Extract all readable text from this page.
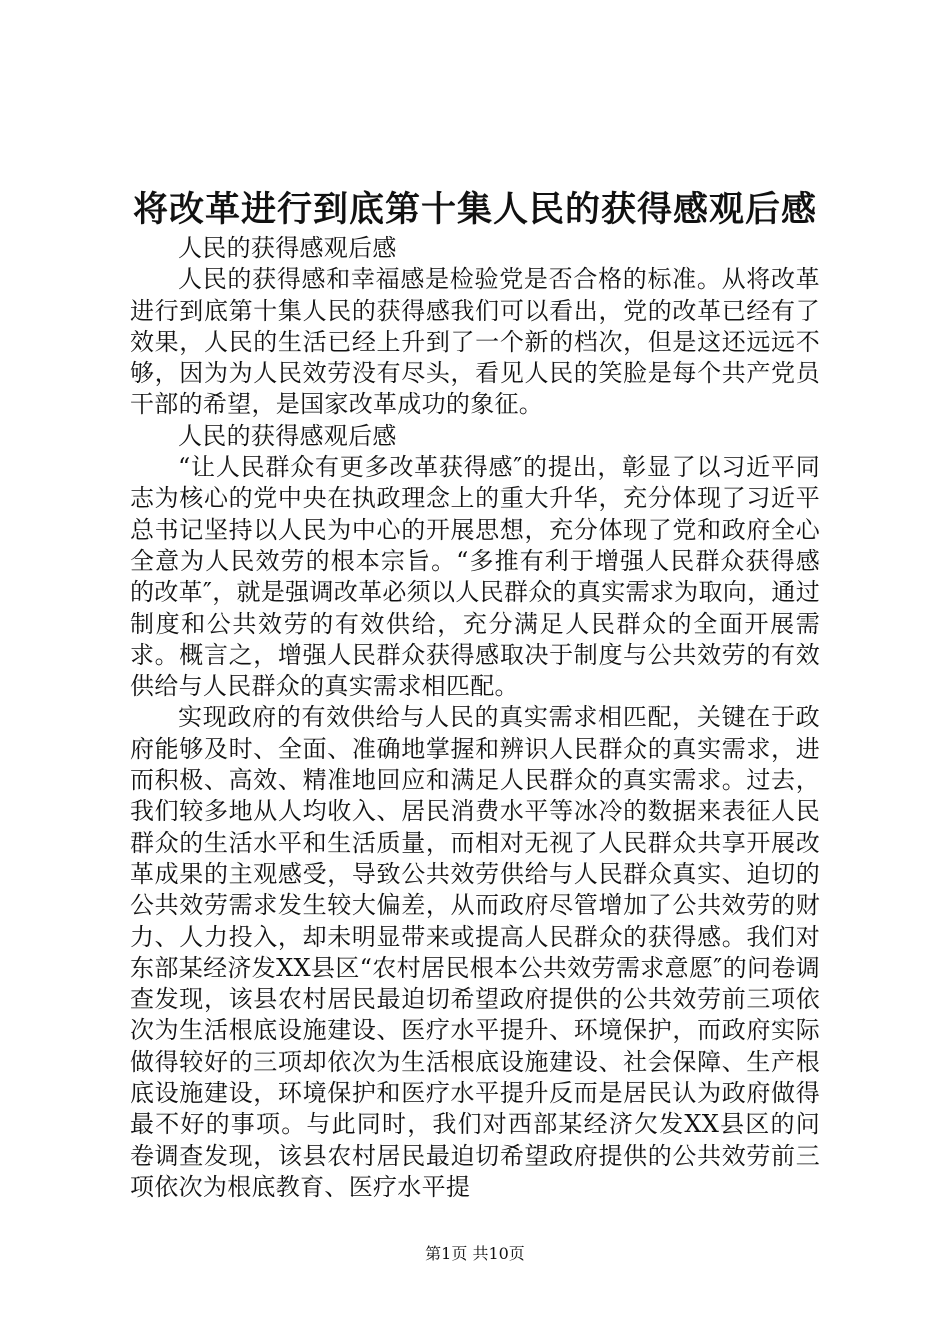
将改革进行到底第十集人民的获得感观后感

人民的获得感观后感

人民的获得感和幸福感是检验党是否合格的标准。从将改革进行到底第十集人民的获得感我们可以看出，党的改革已经有了效果，人民的生活已经上升到了一个新的档次，但是这还远远不够，因为为人民效劳没有尽头，看见人民的笑脸是每个共产党员干部的希望，是国家改革成功的象征。

人民的获得感观后感

“让人民群众有更多改革获得感″的提出，彰显了以习近平同志为核心的党中央在执政理念上的重大升华，充分体现了习近平总书记坚持以人民为中心的开展思想，充分体现了党和政府全心全意为人民效劳的根本宗旨。“多推有利于增强人民群众获得感的改革″，就是强调改革必须以人民群众的真实需求为取向，通过制度和公共效劳的有效供给，充分满足人民群众的全面开展需求。概言之，增强人民群众获得感取决于制度与公共效劳的有效供给与人民群众的真实需求相匹配。

实现政府的有效供给与人民的真实需求相匹配，关键在于政府能够及时、全面、准确地掌握和辨识人民群众的真实需求，进而积极、高效、精准地回应和满足人民群众的真实需求。过去，我们较多地从人均收入、居民消费水平等冰冷的数据来表征人民群众的生活水平和生活质量，而相对无视了人民群众共享开展改革成果的主观感受，导致公共效劳供给与人民群众真实、迫切的公共效劳需求发生较大偏差，从而政府尽管增加了公共效劳的财力、人力投入，却未明显带来或提高人民群众的获得感。我们对东部某经济发XX县区“农村居民根本公共效劳需求意愿″的问卷调查发现，该县农村居民最迫切希望政府提供的公共效劳前三项依次为生活根底设施建设、医疗水平提升、环境保护，而政府实际做得较好的三项却依次为生活根底设施建设、社会保障、生产根底设施建设，环境保护和医疗水平提升反而是居民认为政府做得最不好的事项。与此同时，我们对西部某经济欠发XX县区的问卷调查发现，该县农村居民最迫切希望政府提供的公共效劳前三项依次为根底教育、医疗水平提

第1页 共10页
